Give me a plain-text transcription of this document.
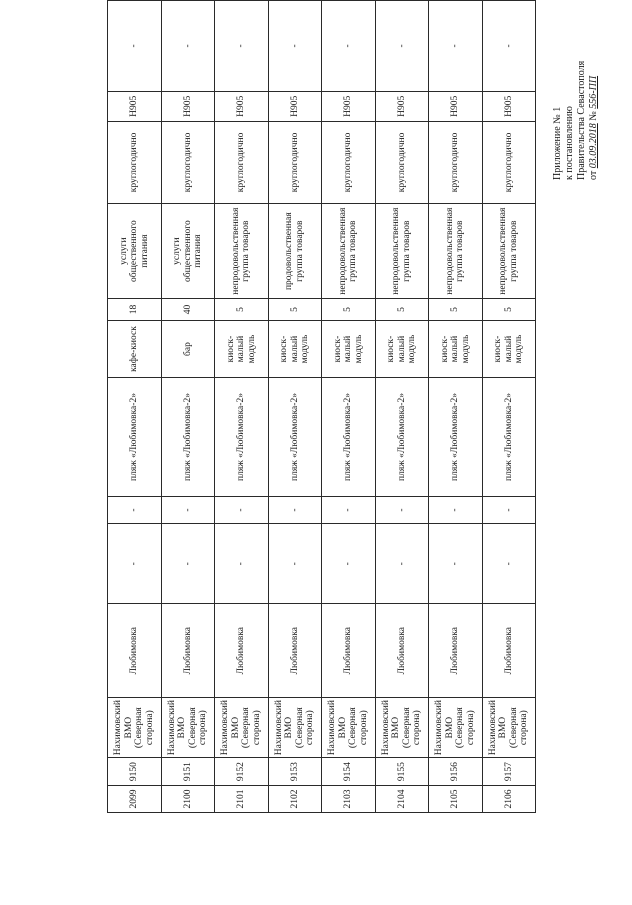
Приложение № 1 к постановлению Правительства Севастополя от 03.09.2018 № 556-ПП
2099	9150	Нахимовский ВМО (Северная сторона)	Любимовка	-	-	пляж «Любимовка-2»	кафе-киоск	18	услуги общественного питания	круглогодично	Н905	-
2100	9151	Нахимовский ВМО (Северная сторона)	Любимовка	-	-	пляж «Любимовка-2»	бар	40	услуги общественного питания	круглогодично	Н905	-
2101	9152	Нахимовский ВМО (Северная сторона)	Любимовка	-	-	пляж «Любимовка-2»	киоск-малый модуль	5	непродовольственная группа товаров	круглогодично	Н905	-
2102	9153	Нахимовский ВМО (Северная сторона)	Любимовка	-	-	пляж «Любимовка-2»	киоск-малый модуль	5	продовольственная группа товаров	круглогодично	Н905	-
2103	9154	Нахимовский ВМО (Северная сторона)	Любимовка	-	-	пляж «Любимовка-2»	киоск-малый модуль	5	непродовольственная группа товаров	круглогодично	Н905	-
2104	9155	Нахимовский ВМО (Северная сторона)	Любимовка	-	-	пляж «Любимовка-2»	киоск-малый модуль	5	непродовольственная группа товаров	круглогодично	Н905	-
2105	9156	Нахимовский ВМО (Северная сторона)	Любимовка	-	-	пляж «Любимовка-2»	киоск-малый модуль	5	непродовольственная группа товаров	круглогодично	Н905	-
2106	9157	Нахимовский ВМО (Северная сторона)	Любимовка	-	-	пляж «Любимовка-2»	киоск-малый модуль	5	непродовольственная группа товаров	круглогодично	Н905	-
